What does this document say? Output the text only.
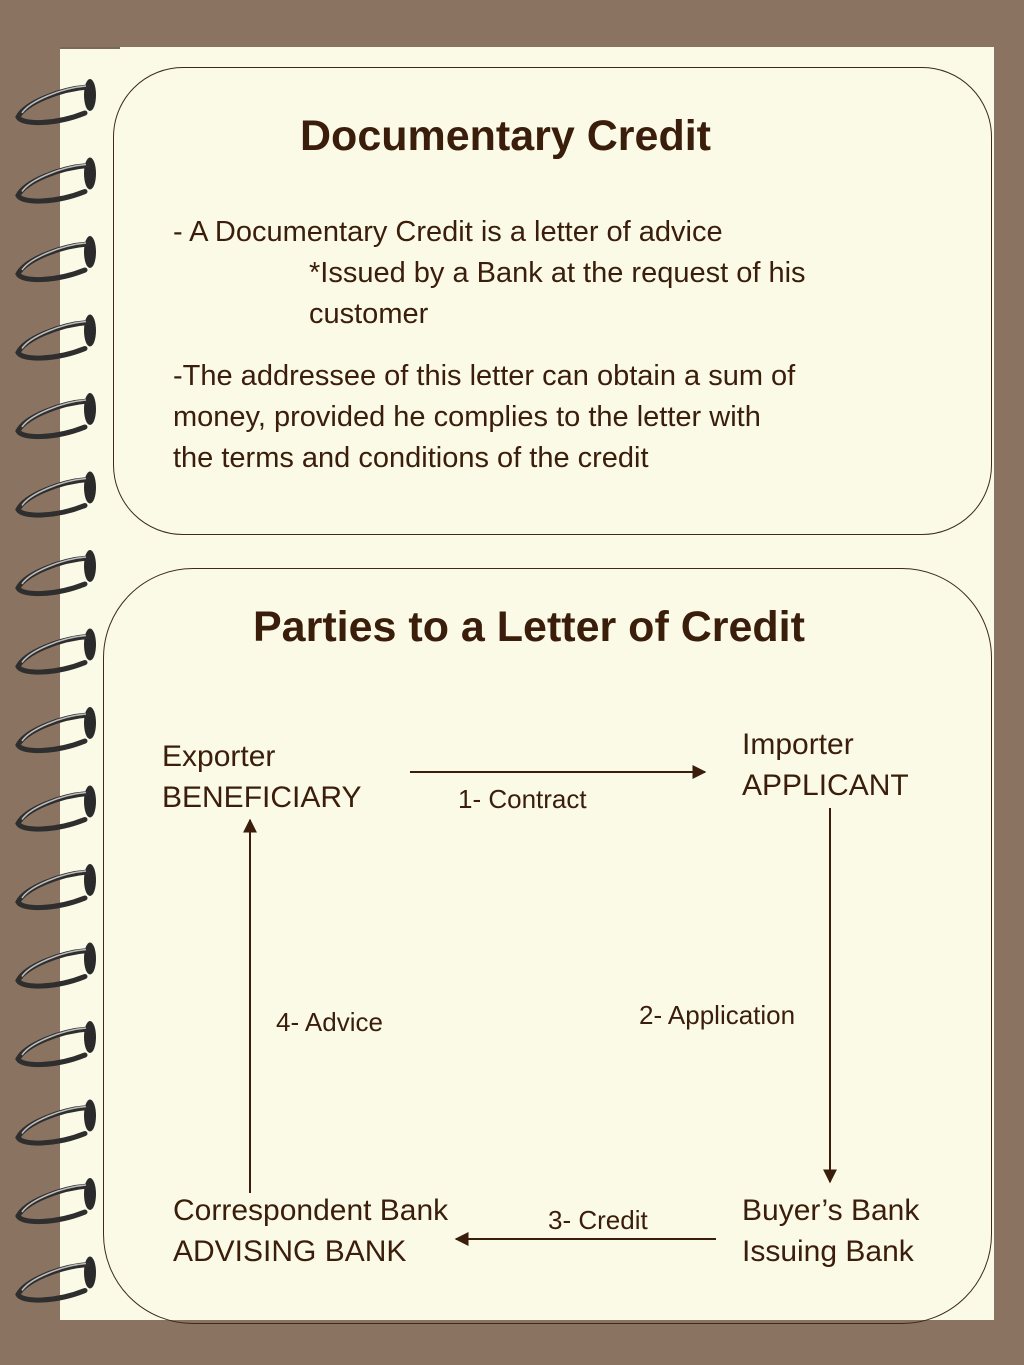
Documentary Credit

- A Documentary Credit is a letter of advice

*Issued by a Bank at the request of his

customer

-The addressee of this letter can obtain a sum of

money, provided he complies to the letter with

the terms and conditions of the credit

Parties to a Letter of Credit
Exporter
BENEFICIARY
Importer
APPLICANT
Correspondent Bank
ADVISING BANK
Buyer’s Bank
Issuing Bank
1- Contract
2- Application
3- Credit
4- Advice
